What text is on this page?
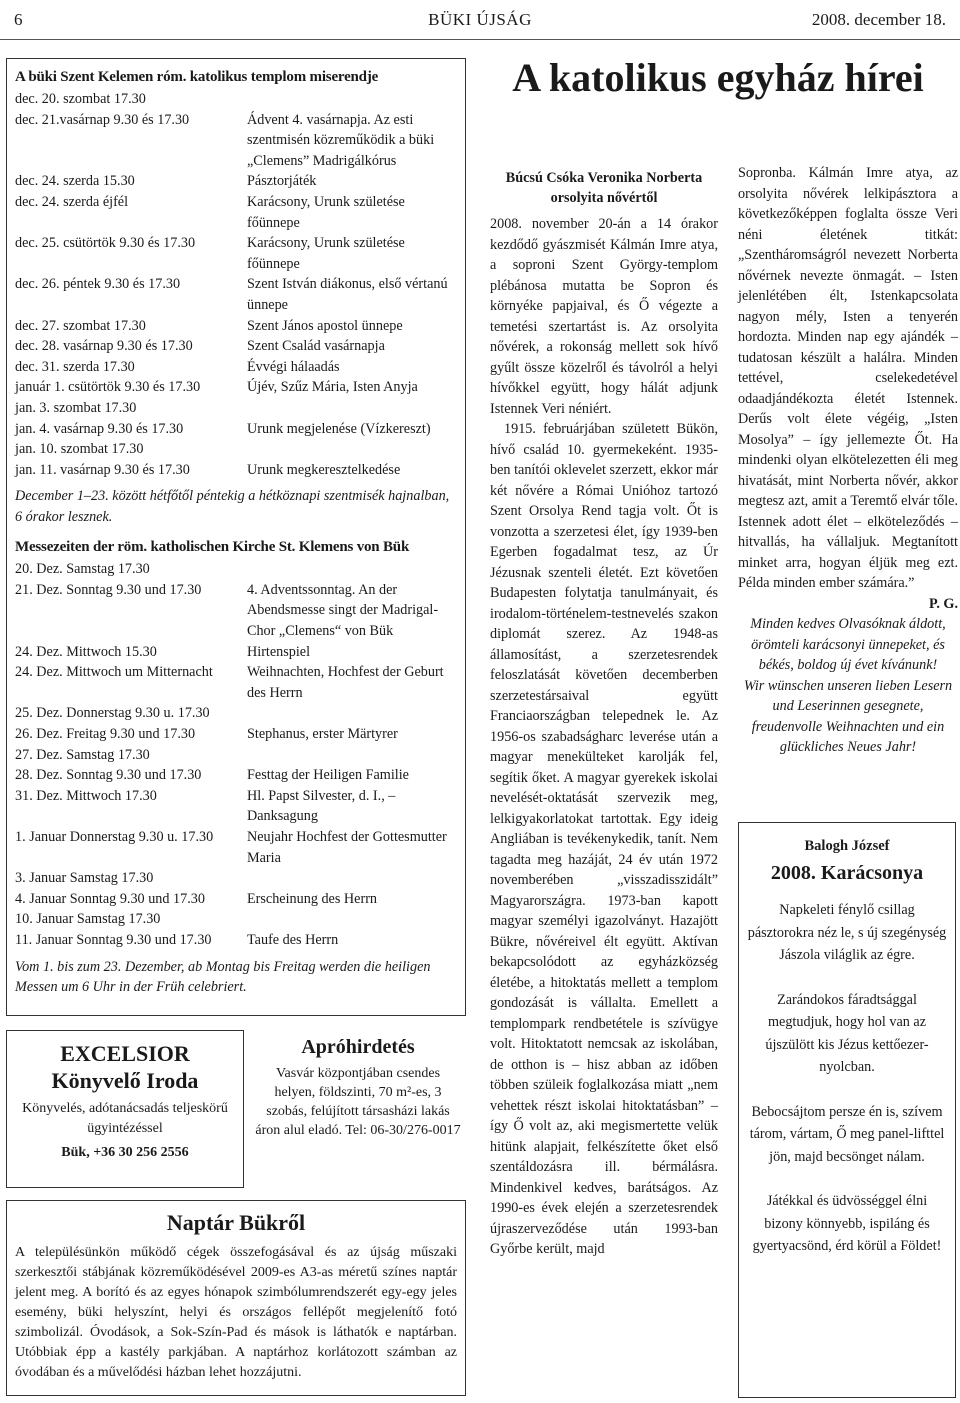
6	BÜKI ÚJSÁG	2008. december 18.
A büki Szent Kelemen róm. katolikus templom miserendje
dec. 20. szombat 17.30
dec. 21.vasárnap 9.30 és 17.30	Ádvent 4. vasárnapja. Az esti szentmisén közreműködik a büki „Clemens” Madrigálkórus
dec. 24. szerda 15.30	Pásztorjáték
dec. 24. szerda éjfél	Karácsony, Urunk születése főünnepe
dec. 25. csütörtök 9.30 és 17.30	Karácsony, Urunk születése főünnepe
dec. 26. péntek 9.30 és 17.30	Szent István diákonus, első vértanú ünnepe
dec. 27. szombat 17.30	Szent János apostol ünnepe
dec. 28. vasárnap 9.30 és 17.30	Szent Család vasárnapja
dec. 31. szerda 17.30	Évvégi hálaadás
január 1. csütörtök 9.30 és 17.30	Újév, Szűz Mária, Isten Anyja
jan. 3. szombat 17.30
jan. 4. vasárnap 9.30 és 17.30	Urunk megjelenése (Vízkereszt)
jan. 10. szombat 17.30
jan. 11. vasárnap 9.30 és 17.30	Urunk megkeresztelkedése
December 1–23. között hétfőtől péntekig a hétköznapi szentmisék hajnalban, 6 órakor lesznek.
Messezeiten der röm. katholischen Kirche St. Klemens von Bük
20. Dez. Samstag 17.30
21. Dez. Sonntag 9.30 und 17.30	4. Adventssonntag. An der Abendsmesse singt der Madrigal-Chor „Clemens“ von Bük
24. Dez. Mittwoch 15.30	Hirtenspiel
24. Dez. Mittwoch um Mitternacht	Weihnachten, Hochfest der Geburt des Herrn
25. Dez. Donnerstag 9.30 u. 17.30
26. Dez. Freitag 9.30 und 17.30	Stephanus, erster Märtyrer
27. Dez. Samstag 17.30
28. Dez. Sonntag 9.30 und 17.30	Festtag der Heiligen Familie
31. Dez. Mittwoch 17.30	Hl. Papst Silvester, d. I., – Danksagung
1. Januar Donnerstag 9.30 u. 17.30	Neujahr Hochfest der Gottesmutter Maria
3. Januar Samstag 17.30
4. Januar Sonntag 9.30 und 17.30	Erscheinung des Herrn
10. Januar Samstag 17.30
11. Januar Sonntag 9.30 und 17.30	Taufe des Herrn
Vom 1. bis zum 23. Dezember, ab Montag bis Freitag werden die heiligen Messen um 6 Uhr in der Früh celebriert.
EXCELSIOR
Könyvelő Iroda
Könyvelés, adótanácsadás teljeskörű ügyintézéssel
Bük, +36 30 256 2556
Apróhirdetés
Vasvár központjában csendes helyen, földszinti, 70 m²-es, 3 szobás, felújított társasházi lakás áron alul eladó. Tel: 06-30/276-0017
Naptár Bükről
A településünkön működő cégek összefogásával és az újság műszaki szerkesztői stábjának közreműködésével 2009-es A3-as méretű színes naptár jelent meg. A borító és az egyes hónapok szimbólumrendszerét egy-egy jeles esemény, büki helyszínt, helyi és országos fellépőt megjelenítő fotó szimbolizál. Óvodások, a Sok-Szín-Pad és mások is láthatók e naptárban. Utóbbiak épp a kastély parkjában. A naptárhoz korlátozott számban az óvodában és a művelődési házban lehet hozzájutni.
A katolikus egyház hírei
Búcsú Csóka Veronika Norberta orsolyita nővértől

2008. november 20-án a 14 órakor kezdődő gyászmisét Kálmán Imre atya, a soproni Szent György-templom plébánosa mutatta be Sopron és környéke papjaival, és Ő végezte a temetési szertartást is. Az orsolyita nővérek, a rokonság mellett sok hívő gyűlt össze közelről és távolról a helyi hívőkkel együtt, hogy hálát adjunk Istennek Veri néniért.

1915. februárjában született Bükön, hívő család 10. gyermekeként. 1935-ben tanítói oklevelet szerzett, ekkor már két nővére a Római Unióhoz tartozó Szent Orsolya Rend tagja volt. Őt is vonzotta a szerzetesi élet, így 1939-ben Egerben fogadalmat tesz, az Úr Jézusnak szenteli életét. Ezt követően Budapesten folytatja tanulmányait, és irodalom-történelem-testnevelés szakon diplomát szerez. Az 1948-as államosítást, a szerzetesrendek feloszlatását követően decemberben szerzetestársaival együtt Franciaországban telepednek le. Az 1956-os szabadságharc leverése után a magyar menekülteket karolják fel, segítik őket. A magyar gyerekek iskolai nevelését-oktatását szervezik meg, lelkigyakorlatokat tartottak. Egy ideig Angliában is tevékenykedik, tanít. Nem tagadta meg hazáját, 24 év után 1972 novemberében „visszadisszidált” Magyarországra. 1973-ban kapott magyar személyi igazolványt. Hazajött Bükre, nővéreivel élt együtt. Aktívan bekapcsolódott az egyházközség életébe, a hitoktatás mellett a templom gondozását is vállalta. Emellett a templompark rendbetétele is szívügye volt. Hitoktatott nemcsak az iskolában, de otthon is – hisz abban az időben többen szüleik foglalkozása miatt „nem vehettek részt iskolai hitoktatásban” – így Ő volt az, aki megismertette velük hitünk alapjait, felkészítette őket első szentáldozásra ill. bérmálásra. Mindenkivel kedves, barátságos. Az 1990-es évek elején a szerzetesrendek újraszerveződése után 1993-ban Győrbe került, majd

Sopronba. Kálmán Imre atya, az orsolyita nővérek lelkipásztora a következőképpen foglalta össze Veri néni életének titkát: „Szentháromságról nevezett Norberta nővérnek nevezte önmagát. – Isten jelenlétében élt, Istenkapcsolata nagyon mély, Isten a tenyerén hordozta. Minden nap egy ajándék – tudatosan készült a halálra. Minden tettével, cselekedetével odaadjándékozta életét Istennek. Derűs volt élete végéig, „Isten Mosolya” – így jellemezte Őt. Ha mindenki olyan elkötelezetten éli meg hivatását, mint Norberta nővér, akkor megtesz azt, amit a Teremtő elvár tőle. Istennek adott élet – elköteleződés – hitvallás, ha vállaljuk. Megtanított minket arra, hogyan éljük meg ezt. Példa minden ember számára.”
P. G.
Minden kedves Olvasóknak áldott, örömteli karácsonyi ünnepeket, és békés, boldog új évet kívánunk!
Wir wünschen unseren lieben Lesern und Leserinnen gesegnete, freudenvolle Weihnachten und ein glückliches Neues Jahr!
Balogh József
2008. Karácsonya
Napkeleti fénylő csillag pásztorokra néz le, s új szegénység Jászola világlik az égre.
Zarándokos fáradtsággal megtudjuk, hogy hol van az újszülött kis Jézus kettőezer-nyolcban.
Bebocsájtom persze én is, szívem tárom, vártam, Ő meg panel-lifttel jön, majd becsönget nálam.
Játékkal és üdvösséggel élni bizony könnyebb, ispiláng és gyertyacsönd, érd körül a Földet!
